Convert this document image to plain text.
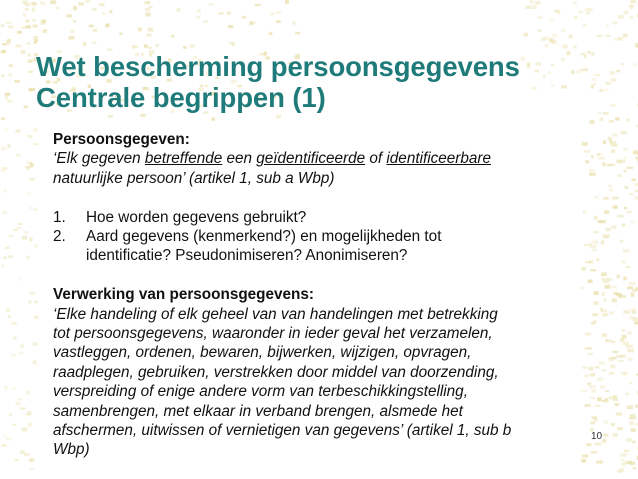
Wet bescherming persoonsgegevens
Centrale begrippen (1)

Persoonsgegeven:

‘Elk gegeven betreffende een geïdentificeerde of identificeerbare

natuurlijke persoon’ (artikel 1, sub a Wbp)

1. Hoe worden gegevens gebruikt?
2. Aard gegevens (kenmerkend?) en mogelijkheden tot
identificatie? Pseudonimiseren? Anonimiseren?

Verwerking van persoonsgegevens:

‘Elke handeling of elk geheel van van handelingen met betrekking

tot persoonsgegevens, waaronder in ieder geval het verzamelen,

vastleggen, ordenen, bewaren, bijwerken, wijzigen, opvragen,

raadplegen, gebruiken, verstrekken door middel van doorzending,

verspreiding of enige andere vorm van terbeschikkingstelling,

samenbrengen, met elkaar in verband brengen, alsmede het

afschermen, uitwissen of vernietigen van gegevens’ (artikel 1, sub b

Wbp)

10
